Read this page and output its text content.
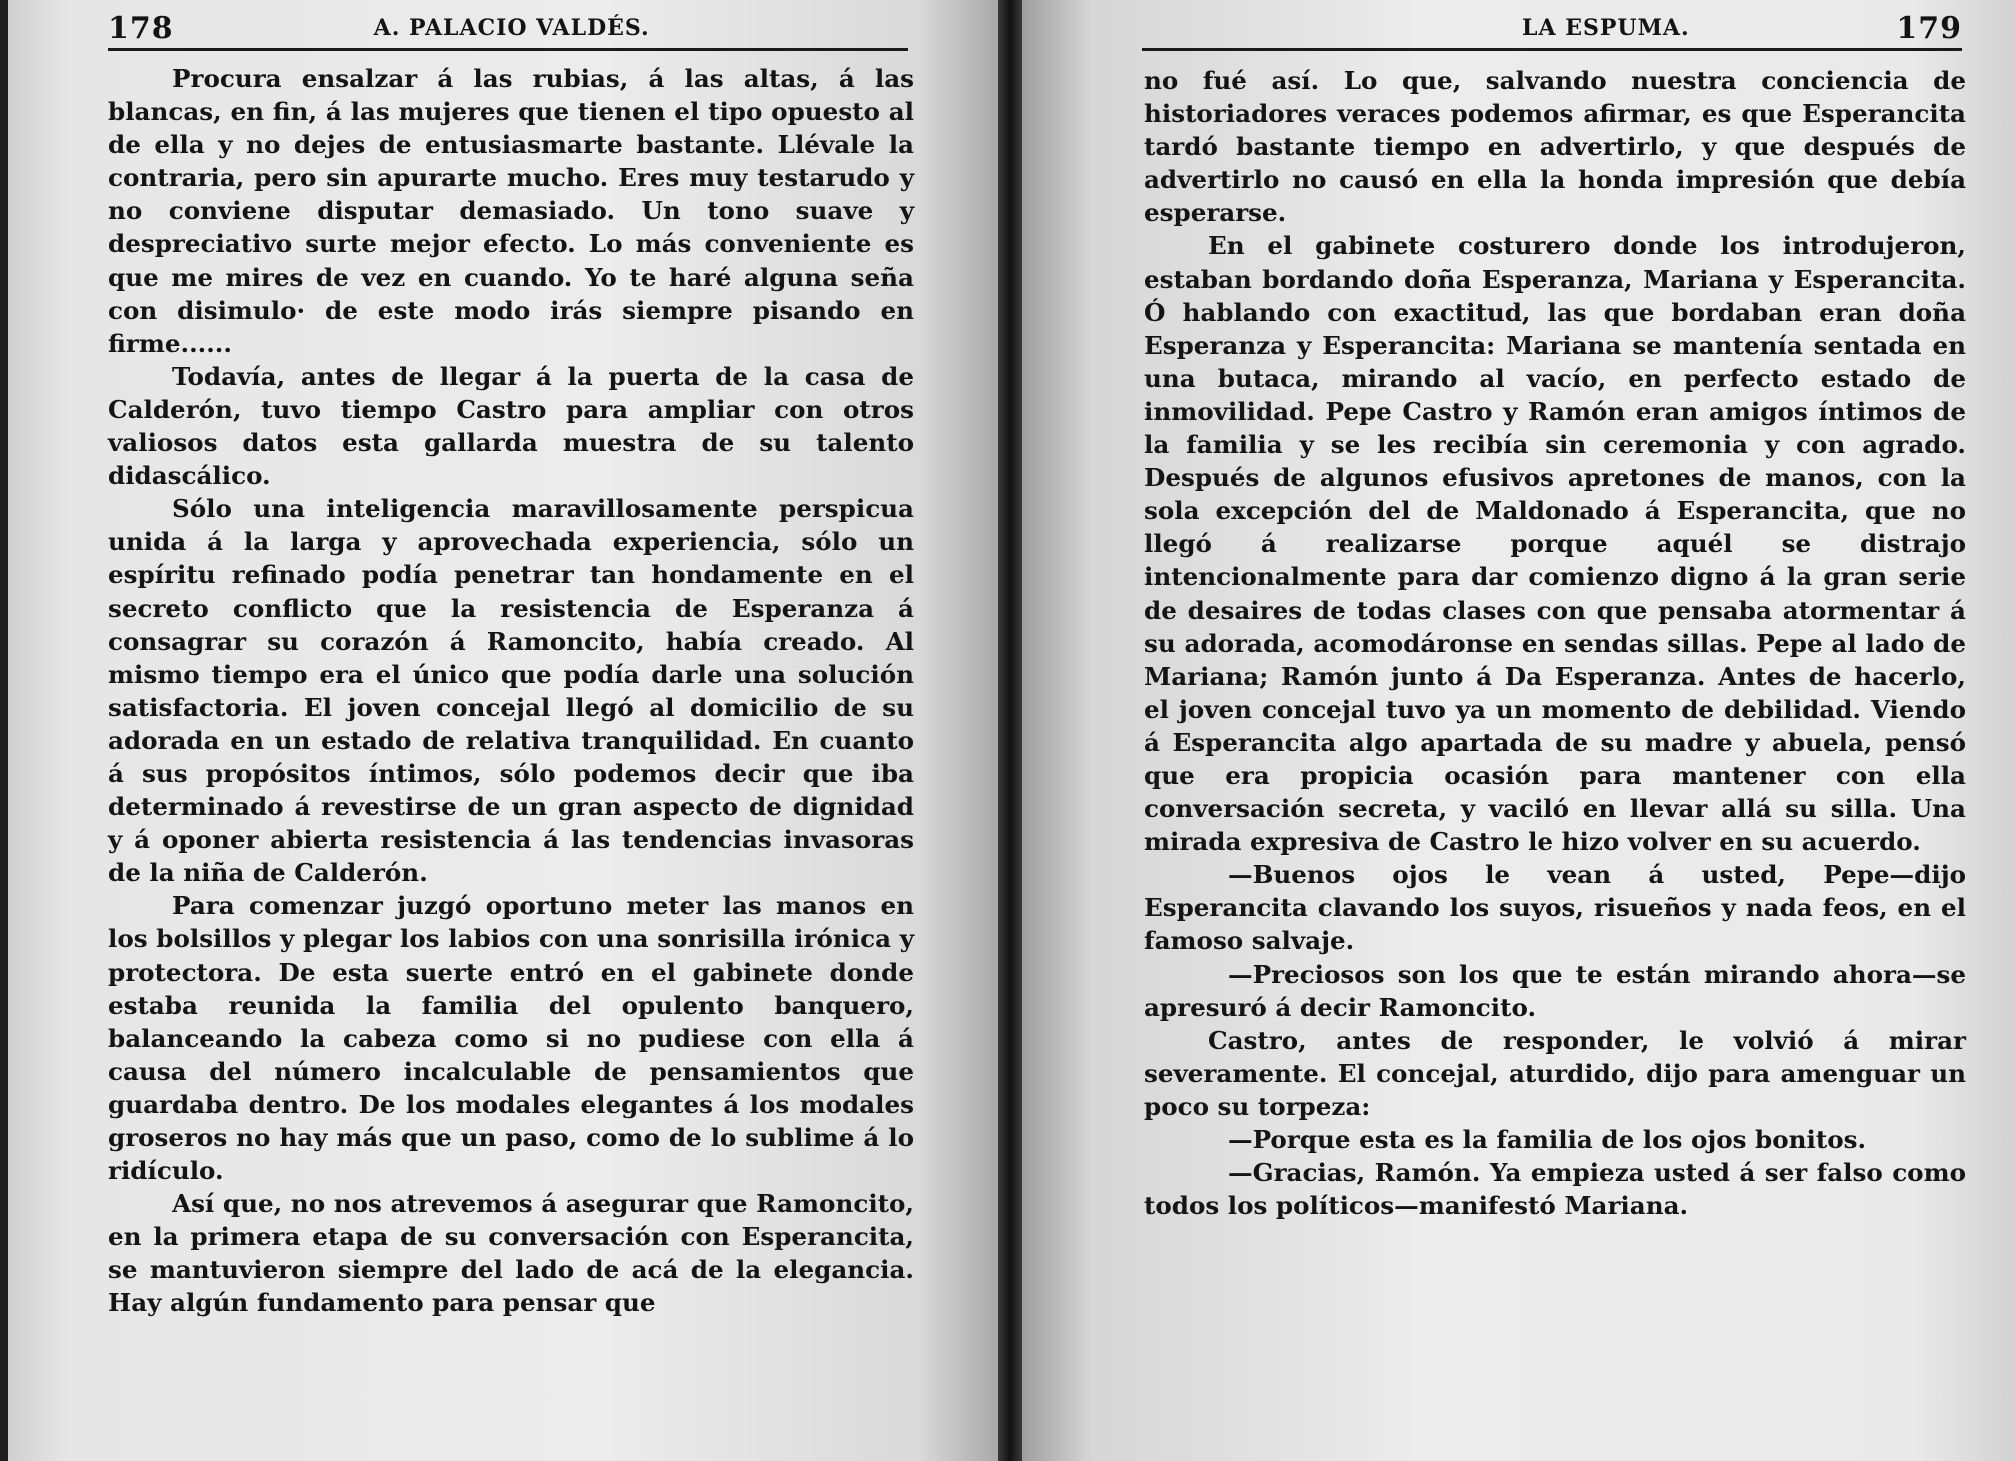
178	A. PALACIO VALDÉS.

Procura ensalzar á las rubias, á las altas, á las blancas, en fin, á las mujeres que tienen el tipo opuesto al de ella y no dejes de entusiasmarte bastante. Llévale la contraria, pero sin apurarte mucho. Eres muy testarudo y no conviene disputar demasiado. Un tono suave y despreciativo surte mejor efecto. Lo más conveniente es que me mires de vez en cuando. Yo te haré alguna seña con disimulo· de este modo irás siempre pisando en firme......

Todavía, antes de llegar á la puerta de la casa de Calderón, tuvo tiempo Castro para ampliar con otros valiosos datos esta gallarda muestra de su talento didascálico.

Sólo una inteligencia maravillosamente perspicua unida á la larga y aprovechada experiencia, sólo un espíritu refinado podía penetrar tan hondamente en el secreto conflicto que la resistencia de Esperanza á consagrar su corazón á Ramoncito, había creado. Al mismo tiempo era el único que podía darle una solución satisfactoria. El joven concejal llegó al domicilio de su adorada en un estado de relativa tranquilidad. En cuanto á sus propósitos íntimos, sólo podemos decir que iba determinado á revestirse de un gran aspecto de dignidad y á oponer abierta resistencia á las tendencias invasoras de la niña de Calderón.

Para comenzar juzgó oportuno meter las manos en los bolsillos y plegar los labios con una sonrisilla irónica y protectora. De esta suerte entró en el gabinete donde estaba reunida la familia del opulento banquero, balanceando la cabeza como si no pudiese con ella á causa del número incalculable de pensamientos que guardaba dentro. De los modales elegantes á los modales groseros no hay más que un paso, como de lo sublime á lo ridículo.

Así que, no nos atrevemos á asegurar que Ramoncito, en la primera etapa de su conversación con Esperancita, se mantuvieron siempre del lado de acá de la elegancia. Hay algún fundamento para pensar que

LA ESPUMA.	179

no fué así. Lo que, salvando nuestra conciencia de historiadores veraces podemos afirmar, es que Esperancita tardó bastante tiempo en advertirlo, y que después de advertirlo no causó en ella la honda impresión que debía esperarse.

En el gabinete costurero donde los introdujeron, estaban bordando doña Esperanza, Mariana y Esperancita. Ó hablando con exactitud, las que bordaban eran doña Esperanza y Esperancita: Mariana se mantenía sentada en una butaca, mirando al vacío, en perfecto estado de inmovilidad. Pepe Castro y Ramón eran amigos íntimos de la familia y se les recibía sin ceremonia y con agrado. Después de algunos efusivos apretones de manos, con la sola excepción del de Maldonado á Esperancita, que no llegó á realizarse porque aquél se distrajo intencionalmente para dar comienzo digno á la gran serie de desaires de todas clases con que pensaba atormentar á su adorada, acomodáronse en sendas sillas. Pepe al lado de Mariana; Ramón junto á Da Esperanza. Antes de hacerlo, el joven concejal tuvo ya un momento de debilidad. Viendo á Esperancita algo apartada de su madre y abuela, pensó que era propicia ocasión para mantener con ella conversación secreta, y vaciló en llevar allá su silla. Una mirada expresiva de Castro le hizo volver en su acuerdo.

—Buenos ojos le vean á usted, Pepe—dijo Esperancita clavando los suyos, risueños y nada feos, en el famoso salvaje.

—Preciosos son los que te están mirando ahora—se apresuró á decir Ramoncito.

Castro, antes de responder, le volvió á mirar severamente. El concejal, aturdido, dijo para amenguar un poco su torpeza:

—Porque esta es la familia de los ojos bonitos.

—Gracias, Ramón. Ya empieza usted á ser falso como todos los políticos—manifestó Mariana.
